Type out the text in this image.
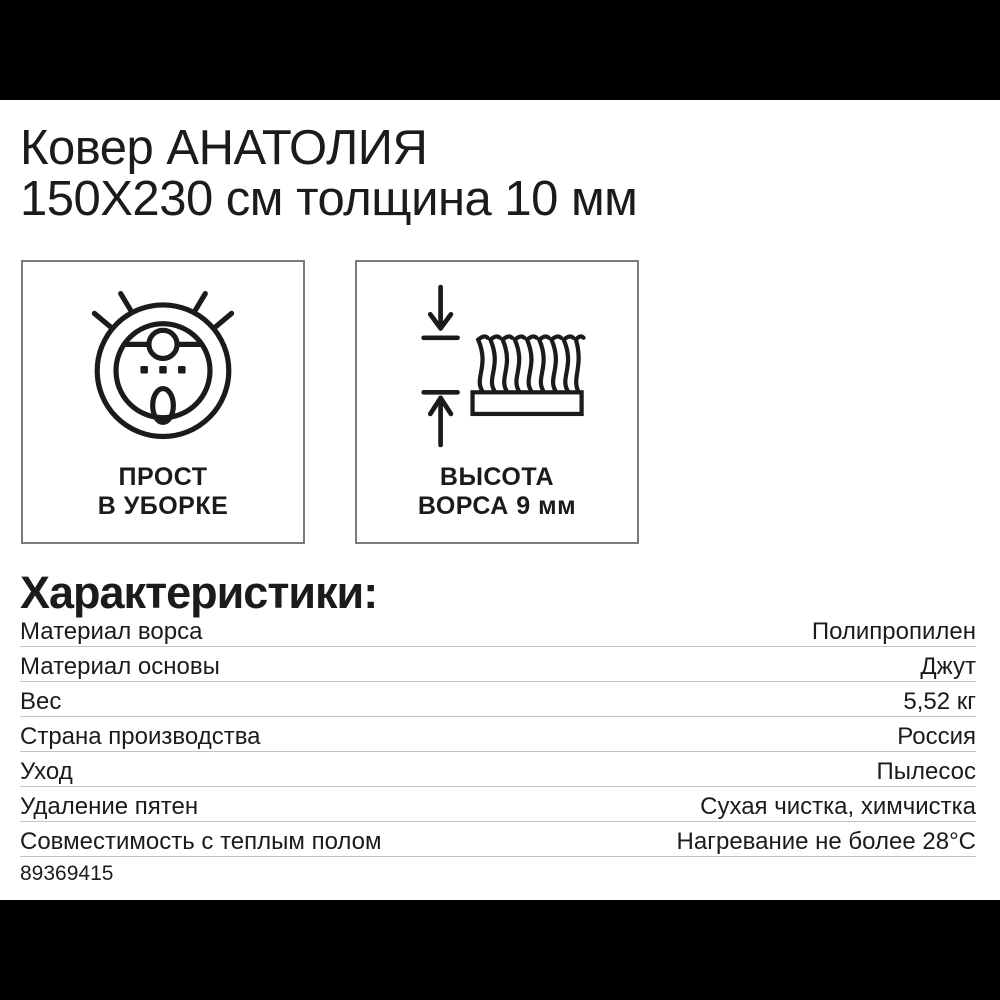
Ковер АНАТОЛИЯ
150X230 см толщина 10 мм
ПРОСТ
В УБОРКЕ
ВЫСОТА
ВОРСА 9 мм
Характеристики:
Материал ворса	Полипропилен
Материал основы	Джут
Вес	5,52 кг
Страна производства	Россия
Уход	Пылесос
Удаление пятен	Сухая чистка, химчистка
Совместимость с теплым полом	Нагревание не более 28°C
89369415
